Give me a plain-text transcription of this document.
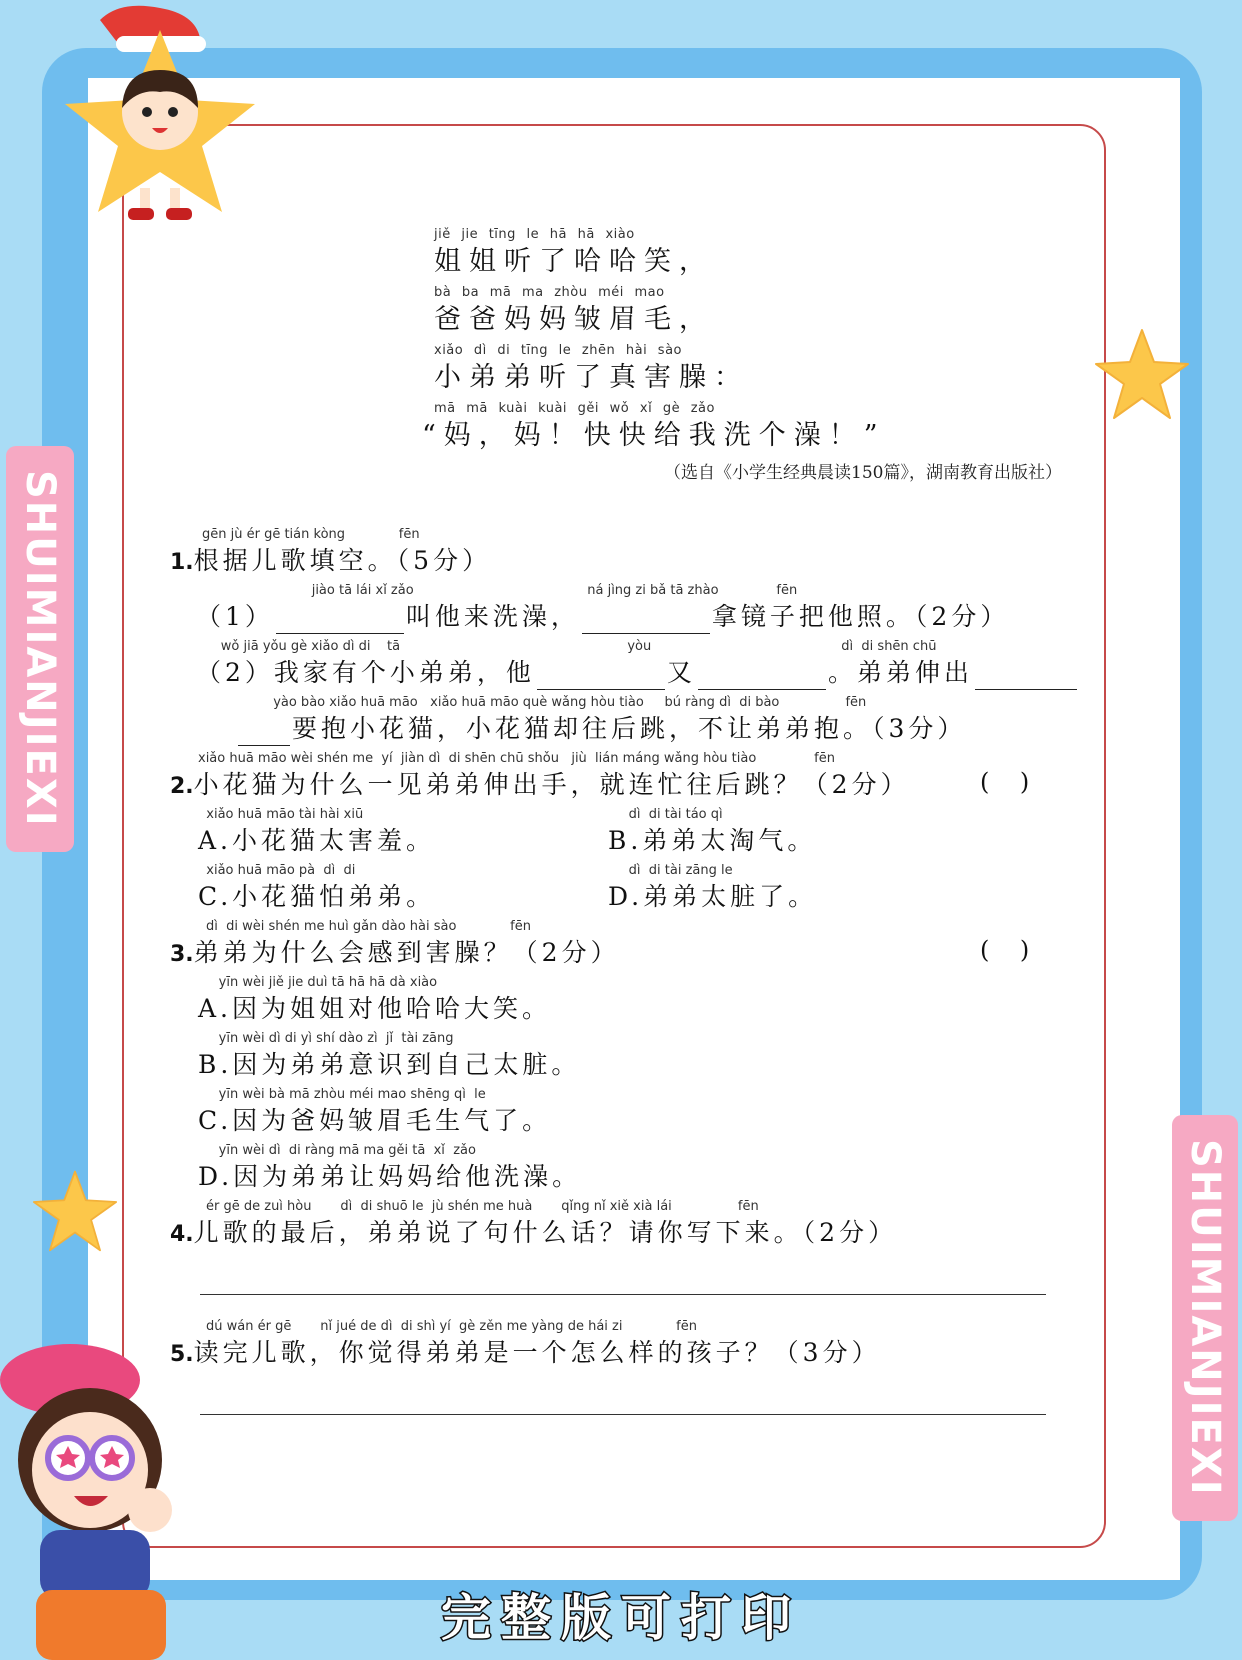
SHUIMIANJIEXI
SHUIMIANJIEXI
jiě jie tīng le hā hā xiào
姐姐听了哈哈笑，
bà ba mā ma zhòu méi mao
爸爸妈妈皱眉毛，
xiǎo dì di tīng le zhēn hài sào
小弟弟听了真害臊：
mā mā kuài kuài gěi wǒ xǐ gè zǎo
“妈，妈！快快给我洗个澡！”
（选自《小学生经典晨读150篇》，湖南教育出版社）
gēn jù ér gē tián kòng             fēn
1.根据儿歌填空。（5分）
jiào tā lái xǐ zǎo                                          ná jìng zi bǎ tā zhào              fēn
（1）	叫他来洗澡，	拿镜子把他照。（2分）
wǒ jiā yǒu gè xiǎo dì di    tā                                                       yòu                                              dì  di shēn chū
（2）我家有个小弟弟，他	又	。弟弟伸出
yào bào xiǎo huā māo   xiǎo huā māo què wǎng hòu tiào     bú ràng dì  di bào                fēn
要抱小花猫，小花猫却往后跳，不让弟弟抱。（3分）
xiǎo huā māo wèi shén me  yí  jiàn dì  di shēn chū shǒu   jiù  lián máng wǎng hòu tiào              fēn
2.小花猫为什么一见弟弟伸出手，就连忙往后跳？（2分）	(    )
xiǎo huā māo tài hài xiū
A.小花猫太害羞。
dì  di tài táo qì
B.弟弟太淘气。
xiǎo huā māo pà  dì  di
C.小花猫怕弟弟。
dì  di tài zāng le
D.弟弟太脏了。
dì  di wèi shén me huì gǎn dào hài sào             fēn
3.弟弟为什么会感到害臊？（2分）	(    )
yīn wèi jiě jie duì tā hā hā dà xiào
A.因为姐姐对他哈哈大笑。
yīn wèi dì di yì shí dào zì  jǐ  tài zāng
B.因为弟弟意识到自己太脏。
yīn wèi bà mā zhòu méi mao shēng qì  le
C.因为爸妈皱眉毛生气了。
yīn wèi dì  di ràng mā ma gěi tā  xǐ  zǎo
D.因为弟弟让妈妈给他洗澡。
ér gē de zuì hòu       dì  di shuō le  jù shén me huà       qǐng nǐ xiě xià lái                fēn
4.儿歌的最后，弟弟说了句什么话？请你写下来。（2分）
dú wán ér gē       nǐ jué de dì  di shì yí  gè zěn me yàng de hái zi             fēn
5.读完儿歌，你觉得弟弟是一个怎么样的孩子？（3分）
完整版可打印
